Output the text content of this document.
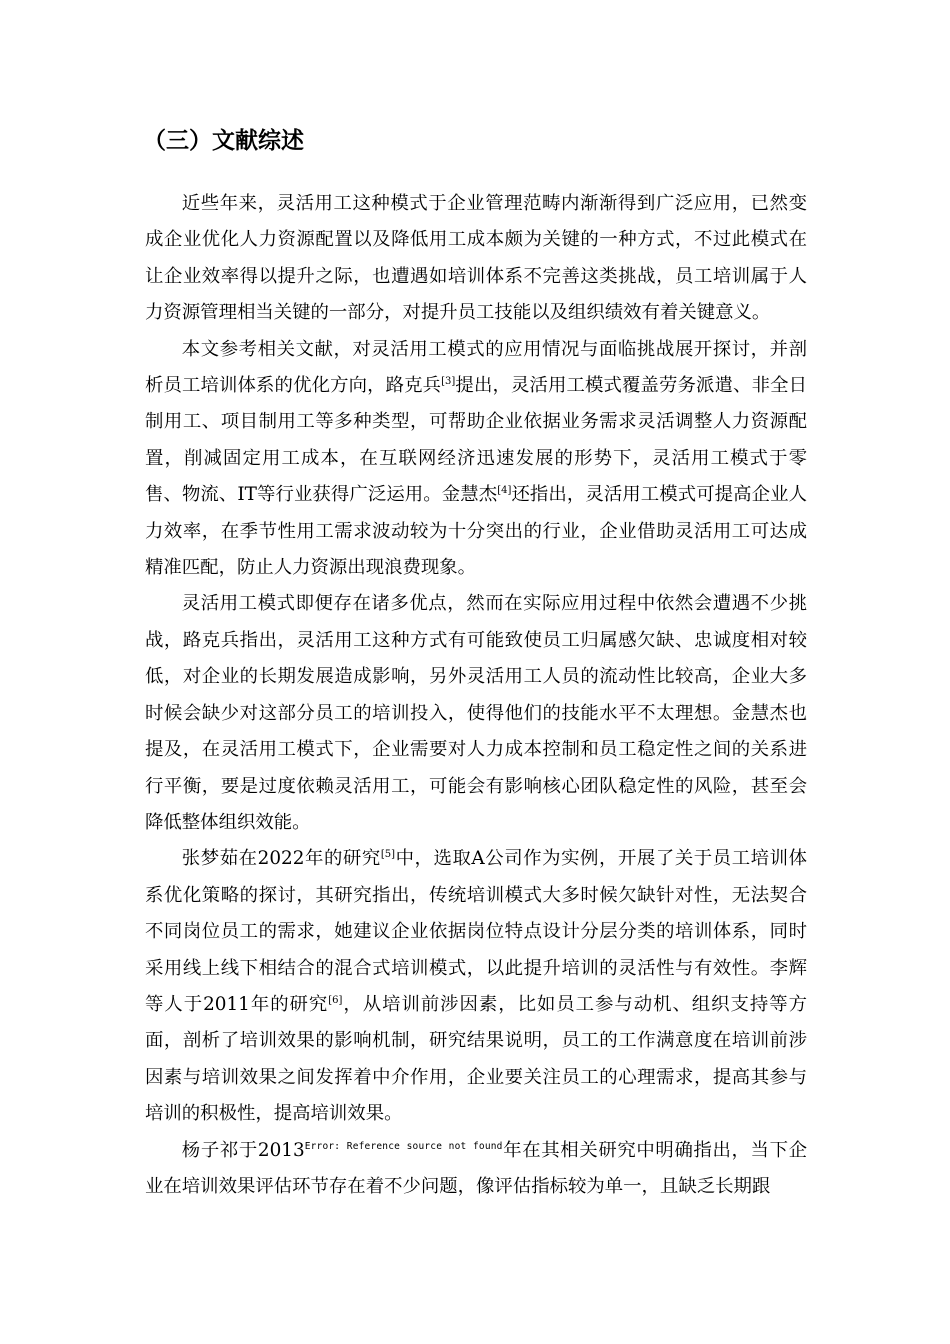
（三）文献综述

近些年来，灵活用工这种模式于企业管理范畴内渐渐得到广泛应用，已然变成企业优化人力资源配置以及降低用工成本颇为关键的一种方式，不过此模式在让企业效率得以提升之际，也遭遇如培训体系不完善这类挑战，员工培训属于人力资源管理相当关键的一部分，对提升员工技能以及组织绩效有着关键意义。

本文参考相关文献，对灵活用工模式的应用情况与面临挑战展开探讨，并剖析员工培训体系的优化方向，路克兵[3]提出，灵活用工模式覆盖劳务派遣、非全日制用工、项目制用工等多种类型，可帮助企业依据业务需求灵活调整人力资源配置，削减固定用工成本，在互联网经济迅速发展的形势下，灵活用工模式于零售、物流、IT等行业获得广泛运用。金慧杰[4]还指出，灵活用工模式可提高企业人力效率，在季节性用工需求波动较为十分突出的行业，企业借助灵活用工可达成精准匹配，防止人力资源出现浪费现象。

灵活用工模式即便存在诸多优点，然而在实际应用过程中依然会遭遇不少挑战，路克兵指出，灵活用工这种方式有可能致使员工归属感欠缺、忠诚度相对较低，对企业的长期发展造成影响，另外灵活用工人员的流动性比较高，企业大多时候会缺少对这部分员工的培训投入，使得他们的技能水平不太理想。金慧杰也提及，在灵活用工模式下，企业需要对人力成本控制和员工稳定性之间的关系进行平衡，要是过度依赖灵活用工，可能会有影响核心团队稳定性的风险，甚至会降低整体组织效能。

张梦茹在2022年的研究[5]中，选取A公司作为实例，开展了关于员工培训体系优化策略的探讨，其研究指出，传统培训模式大多时候欠缺针对性，无法契合不同岗位员工的需求，她建议企业依据岗位特点设计分层分类的培训体系，同时采用线上线下相结合的混合式培训模式，以此提升培训的灵活性与有效性。李辉等人于2011年的研究[6]，从培训前涉因素，比如员工参与动机、组织支持等方面，剖析了培训效果的影响机制，研究结果说明，员工的工作满意度在培训前涉因素与培训效果之间发挥着中介作用，企业要关注员工的心理需求，提高其参与培训的积极性，提高培训效果。

杨子祁于$2013^{Error: Reference source not found}$年在其相关研究中明确指出，当下企业在培训效果评估环节存在着不少问题，像评估指标较为单一，且缺乏长期跟
